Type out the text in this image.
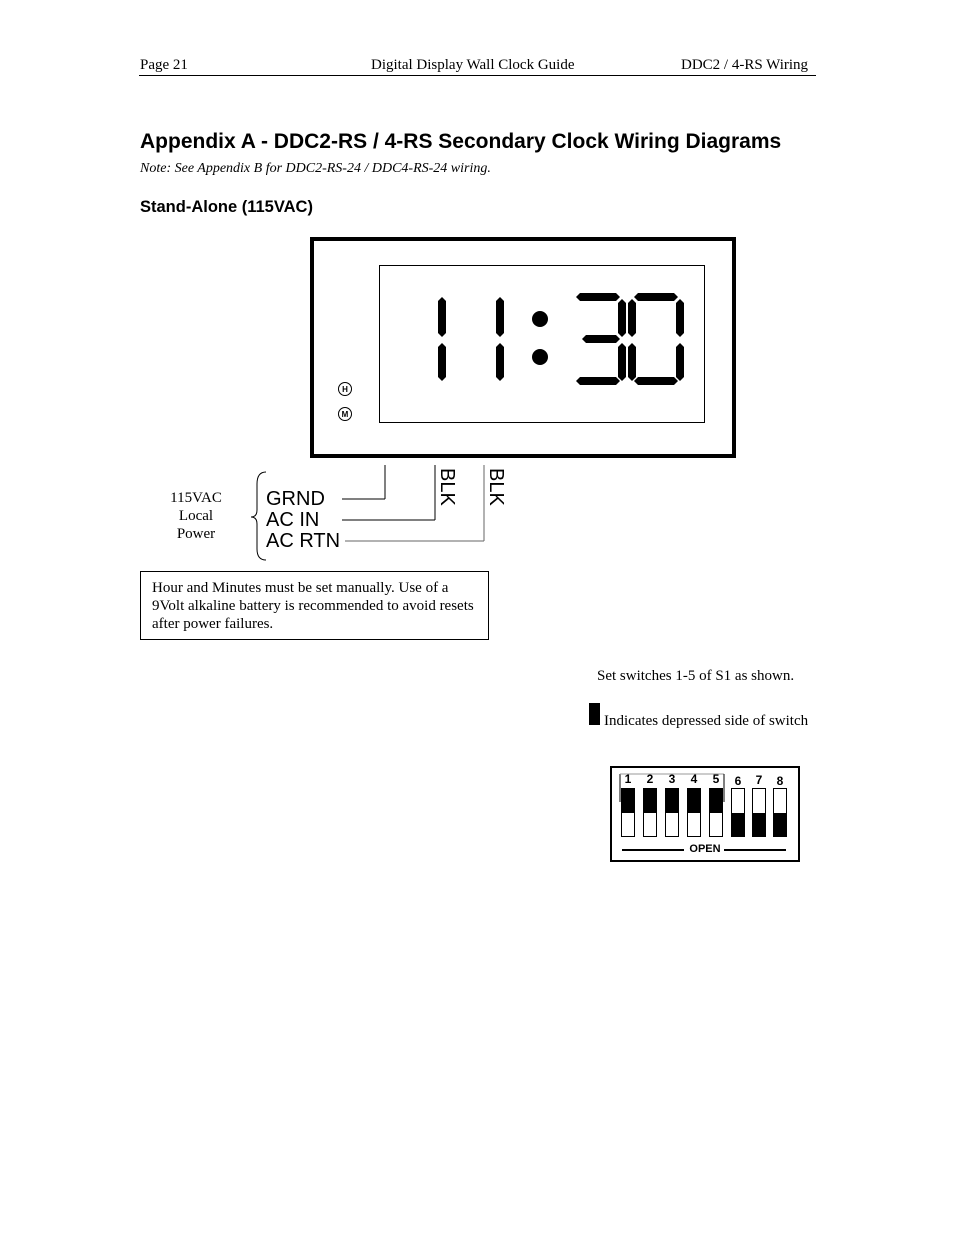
Page 21	Digital Display Wall Clock Guide	DDC2 / 4-RS Wiring
Appendix A - DDC2-RS / 4-RS Secondary Clock Wiring Diagrams
Note: See Appendix B for DDC2-RS-24 / DDC4-RS-24 wiring.
Stand-Alone (115VAC)
H
M
115VAC
Local
Power
GRND
AC IN
AC RTN
BLK BLK
Hour and Minutes must be set manually. Use of a 9Volt alkaline battery is recommended to avoid resets after power failures.
Set switches 1-5 of S1 as shown.
Indicates depressed side of switch
1	2	3	4	5	6	7	8
OPEN
